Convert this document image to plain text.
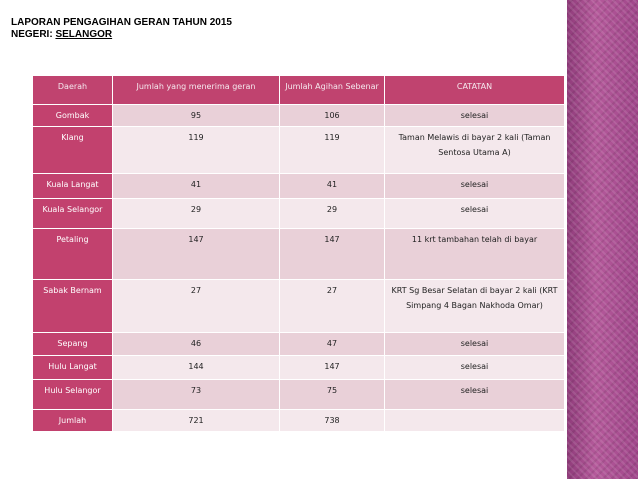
LAPORAN PENGAGIHAN GERAN TAHUN 2015
NEGERI: SELANGOR
Daerah	Jumlah yang menerima geran	Jumlah Agihan Sebenar	CATATAN
Gombak	95	106	selesai
Klang	119	119	Taman Melawis di bayar 2 kali (Taman Sentosa Utama A)
Kuala Langat	41	41	selesai
Kuala Selangor	29	29	selesai
Petaling	147	147	11 krt tambahan telah di bayar
Sabak Bernam	27	27	KRT Sg Besar Selatan di bayar 2 kali (KRT Simpang 4 Bagan Nakhoda Omar)
Sepang	46	47	selesai
Hulu Langat	144	147	selesai
Hulu Selangor	73	75	selesai
Jumlah	721	738	
